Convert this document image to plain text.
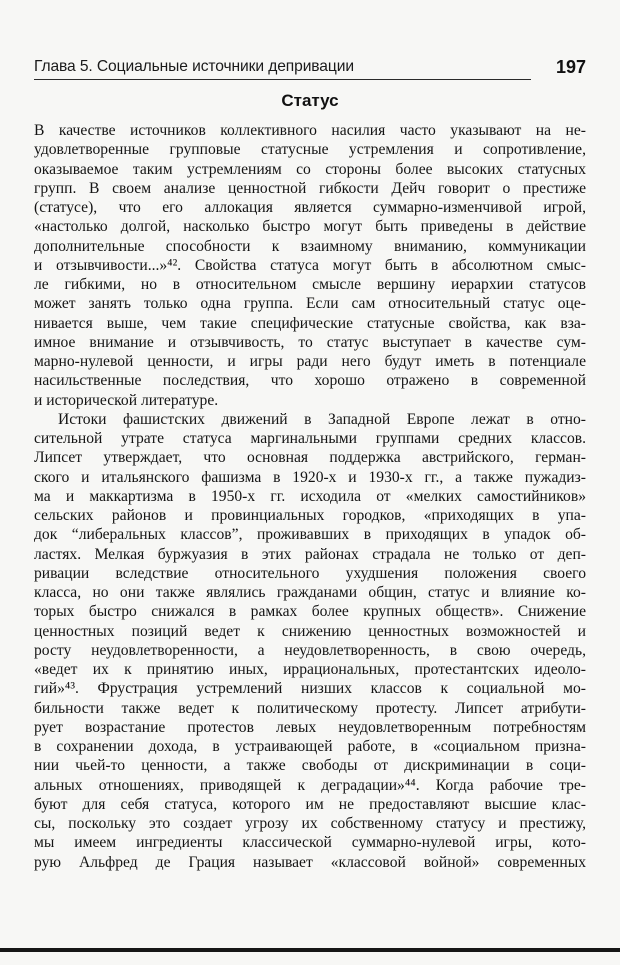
Глава 5. Социальные источники депривации	197
Статус
В качестве источников коллективного насилия часто указывают на не-
удовлетворенные групповые статусные устремления и сопротивление,
оказываемое таким устремлениям со стороны более высоких статусных
групп. В своем анализе ценностной гибкости Дейч говорит о престиже
(статусе), что его аллокация является суммарно-изменчивой игрой,
«настолько долгой, насколько быстро могут быть приведены в действие
дополнительные способности к взаимному вниманию, коммуникации
и отзывчивости...»⁴². Свойства статуса могут быть в абсолютном смыс-
ле гибкими, но в относительном смысле вершину иерархии статусов
может занять только одна группа. Если сам относительный статус оце-
нивается выше, чем такие специфические статусные свойства, как вза-
имное внимание и отзывчивость, то статус выступает в качестве сум-
марно-нулевой ценности, и игры ради него будут иметь в потенциале
насильственные последствия, что хорошо отражено в современной
и исторической литературе.
Истоки фашистских движений в Западной Европе лежат в отно-
сительной утрате статуса маргинальными группами средних классов.
Липсет утверждает, что основная поддержка австрийского, герман-
ского и итальянского фашизма в 1920-х и 1930-х гг., а также пужадиз-
ма и маккартизма в 1950-х гг. исходила от «мелких самостийников»
сельских районов и провинциальных городков, «приходящих в упа-
док “либеральных классов”, проживавших в приходящих в упадок об-
ластях. Мелкая буржуазия в этих районах страдала не только от деп-
ривации вследствие относительного ухудшения положения своего
класса, но они также являлись гражданами общин, статус и влияние ко-
торых быстро снижался в рамках более крупных обществ». Снижение
ценностных позиций ведет к снижению ценностных возможностей и
росту неудовлетворенности, а неудовлетворенность, в свою очередь,
«ведет их к принятию иных, иррациональных, протестантских идеоло-
гий»⁴³. Фрустрация устремлений низших классов к социальной мо-
бильности также ведет к политическому протесту. Липсет атрибути-
рует возрастание протестов левых неудовлетворенным потребностям
в сохранении дохода, в устраивающей работе, в «социальном призна-
нии чьей-то ценности, а также свободы от дискриминации в соци-
альных отношениях, приводящей к деградации»⁴⁴. Когда рабочие тре-
буют для себя статуса, которого им не предоставляют высшие клас-
сы, поскольку это создает угрозу их собственному статусу и престижу,
мы имеем ингредиенты классической суммарно-нулевой игры, кото-
рую Альфред де Грация называет «классовой войной» современных
